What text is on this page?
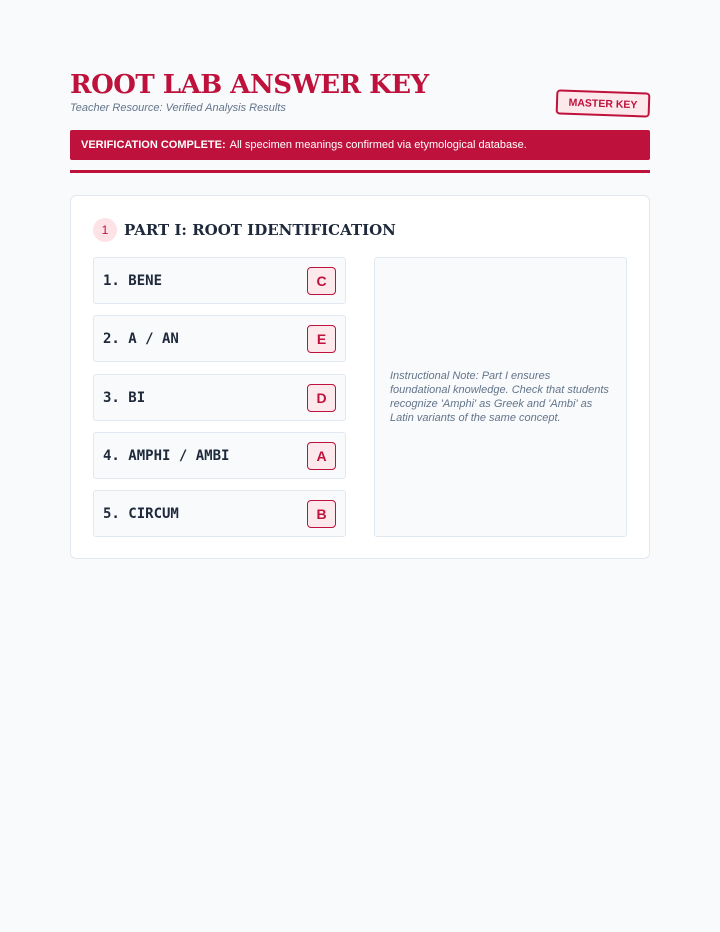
ROOT LAB ANSWER KEY
Teacher Resource: Verified Analysis Results	MASTER KEY
VERIFICATION COMPLETE: All specimen meanings confirmed via etymological database.
1	PART I: ROOT IDENTIFICATION
1. BENE	C
2. A / AN	E
3. BI	D
4. AMPHI / AMBI	A
5. CIRCUM	B
Instructional Note: Part I ensures foundational knowledge. Check that students recognize 'Amphi' as Greek and 'Ambi' as Latin variants of the same concept.
